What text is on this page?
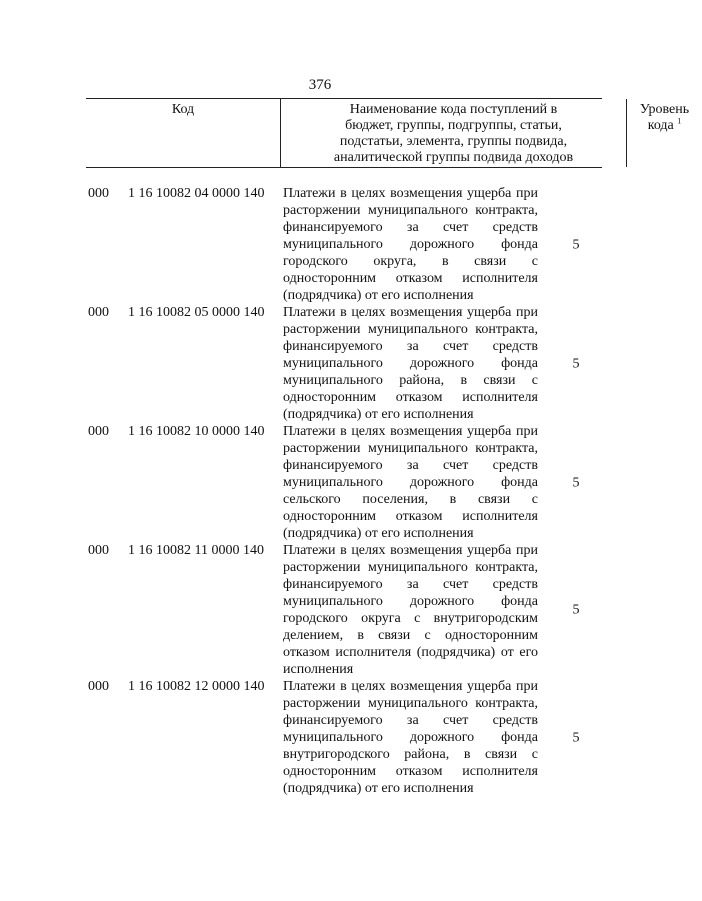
376
Код	Наименование кода поступлений в
бюджет, группы, подгруппы, статьи,
подстатьи, элемента, группы подвида,
аналитической группы подвида доходов
Уровень
кода $^1$
000 1 16 10082 04 0000 140 Платежи в целях возмещения ущерба при расторжении муниципального контракта, финансируемого за счет средств муниципального дорожного фонда городского округа, в связи с односторонним отказом исполнителя (подрядчика) от его исполнения
5
000 1 16 10082 05 0000 140 Платежи в целях возмещения ущерба при расторжении муниципального контракта, финансируемого за счет средств муниципального дорожного фонда муниципального района, в связи с односторонним отказом исполнителя (подрядчика) от его исполнения
5
000 1 16 10082 10 0000 140 Платежи в целях возмещения ущерба при расторжении муниципального контракта, финансируемого за счет средств муниципального дорожного фонда сельского поселения, в связи с односторонним отказом исполнителя (подрядчика) от его исполнения
5
000 1 16 10082 11 0000 140 Платежи в целях возмещения ущерба при расторжении муниципального контракта, финансируемого за счет средств муниципального дорожного фонда городского округа с внутригородским делением, в связи с односторонним отказом исполнителя (подрядчика) от его исполнения
5
000 1 16 10082 12 0000 140 Платежи в целях возмещения ущерба при расторжении муниципального контракта, финансируемого за счет средств муниципального дорожного фонда внутригородского района, в связи с односторонним отказом исполнителя (подрядчика) от его исполнения
5
